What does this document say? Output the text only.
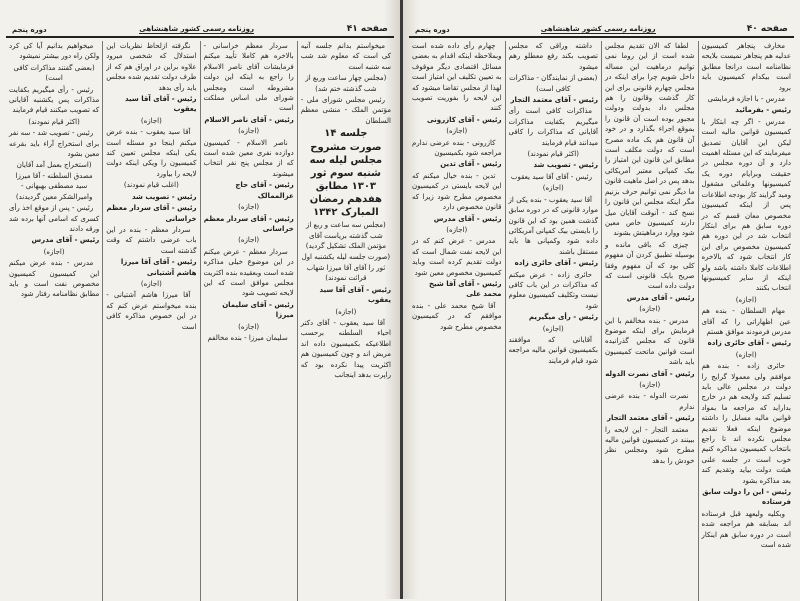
صفحه ۴۰
روزنامه رسمی کشور شاهنشاهی
دوره پنجم

مخارف پنجاهر کمیسیون عدلیه هم پنجاهر نمیست بلایحه نظامنامه است درانجا مطابق است بیکدام کمیسیون باید برود

مدرس - با اجازه فرمایشی

رئیس - بفرمائید

مدرس - اگر چه ابتکار با کمیسیون قوانین مالیه است لیکن این آقایان تصدیق میفرمایند که این مسئله اهمیت دارد و آن دوره مجلس در حقیقت وبرایام دوره یک کمیسیونها وعلمائی مشغول ومید گرایند کار بودجه اطلاعات پس از اینکه کمیسیون مخصوص معان قسم که در دوره سابق هم برای ابتکار انتخاب شد در این دوره هم کمیسیون مخصوص برای این کار انتخاب شود که بالاخره اطلاعات کاملا داشته باشد ولو اینکه از سایر کمیسیونها انتخاب بکنند

(اجازه)

مهام السلطان - بنده هم عین اظهاراتی را که آقای مدرس فرمودند موافق هستم

رئیس - آقای حائری زاده

(اجازه)

حائری زاده - بنده هم موافقم ولی معمولا گرایج را دولت در مجلس عالی باید تسلیم کند ولایحه هم در خارج بداراید که مراجعه ما بمواد قوانین مالیه مسایل را داشته موضوع اینکه فعلا تقدیم مجلس نکرده اند تا راجع بانتخاب کمیسیون مذاکره کنیم خوب است در جلسه علنی هیئت دولت بیاید وتقدیم کند بعد مذاکره بشود

رئیس - این را دولت سابق فرستاده

وبکلیه ولیعهد قبل فرستاده اند بسابقه هم مراجعه شده است در دوره سابق هم اینکار شده است

لطفا که الان تقدیم مجلس شده است از این روما نمی توانیم درماهیت این مساله داخل شویم چرا برای اینکه در مجلس چهارم قانونی برای این کار گذشت وقانون را هم مجلس داد بدولت ودولت مجبور بوده است آن قانون را بموقع اجراء بگذارد و در خود آن قانون هم یک ماده مصرح است که دولت مکلف است مطابق این قانون این امتیاز را بیک کمپانی معتبر آمریکائی بدهد پس در اصل ماهیت قانون ما دیگر نمی توانیم حرف بزنیم مگر اینکه مجلس این قانون را نسخ کند - آنوقت آقایان میل دارند کمیسیون خاص معین شود ووارد درماهیتش بشوند

چیزی که باقی مانده و بوسیله تطبیق کردن آن مفهوم کلی بود که آن مفهوم وفقا صریح بایک قانونی است که دولت داده است

رئیس - آقای مدرس

(اجازه)

مدرس - بنده مخالفم با این فرمایش برای اینکه موضوع قانون که مجلس گذرانیده است قوانین ماتحت کمیسیون باید باشد

رئیس - آقای نصرت الدوله

(اجازه)

نصرت الدوله - بنده عرضی ندارم

رئیس - آقای معتمد التجار

معتمد التجار - این لایحه را ببینند در کمیسیون قوانین مالیه مطرح شود ومجلس نظر خودش را بدهد

داشته وراقی که مجلس تصویب بکند رفع معطلو رهم میشود

(بعضی از نمایندگان - مذاکرات کافی است)

رئیس - آقای معتمد التجار

مذاکرات کافی است رأی میگیریم بکفایت مذاکرات آقایانی که مذاکرات را کافی میدانند قیام فرمایند

(اکثر قیام نمودند)

رئیس - تصویب شد

رئیس - آقای آقا سید یعقوب

(اجازه)

آقا سید یعقوب - بنده یکی از موارد قانونی که در دوره سابق گذشت همین بود که این قانون را بایستی بیک کمپانی آمریکائی داده شود وکمپانی ها باید مستقل باشند

رئیس - آقای حائری زاده

حائری زاده - عرض میکنم که مذاکرات در این باب کافی نیست وتکلیف کمیسیون معلوم شود

رئیس - رأی میگیریم

(اجازه)

آقایانی که موافقند بکمیسیون قوانین مالیه مراجعه شود قیام فرمایند

چهارم رأی داده شده است وبملاحظه اینکه اقدام به بعضی مسائل اقتصادی دیگر موقوف به تعیین تکلیف این امتیاز است لهذا از مجلس تقاضا میشود که این لایحه را بفوریت تصویب کنند

رئیس - آقای کازرونی

(اجازه)

کازرونی - بنده عرضی ندارم مراجعه شود بکمیسیون

رئیس - آقای تدین

تدین - بنده خیال میکنم که این لایحه بایستی در کمیسیون مخصوص مطرح شود زیرا که قانون مخصوص دارد

رئیس - آقای مدرس

(اجازه)

مدرس - عرض کنم که در این لایحه نفت شمال است که دولت تقدیم کرده است وباید کمیسیون مخصوص معین شود

رئیس - آقای آقا شیخ محمد علی

آقا شیخ محمد علی - بنده موافقم که در کمیسیون مخصوص مطرح شود

صفحه ۴۱
روزنامه رسمی کشور شاهنشاهی
دوره پنجم

میخواستم بدانم جلسه آتیه کی است که معلوم شد شب سه شنبه است

(مجلس چهار ساعت وربع از شب گذشته ختم شد)

رئیس مجلس شورای ملی - مؤتمن الملک - منشی معظم السلطان

جلسه ۱۴

صورت مشروح مجلس لیله سه شنبه سوم ثور ۱۳۰۳ مطابق هفدهم رمضان المبارک ۱۳۴۲

(مجلس سه ساعت و ربع از شب گذشته بریاست آقای مؤتمن الملک تشکیل گردید)

(صورت جلسه لیله یکشنبه اول ثور را آقای آقا میرزا شهاب قرائت نمودند)

رئیس - آقای آقا سید یعقوب

(اجازه)

آقا سید یعقوب - آقای دکتر احیاء السلطنه برحسب اطلاعیکه بکمیسیون داده اند مریض اند و چون کمیسیون هم اکثریت پیدا نکرده بود که راپرت بدهد اینجانب

سردار معظم خراسانی - بالاخره هم کاملا تأیید میکنم فرمایشات آقای ناصر الاسلام را راجع به اینکه این دولت مشروطه است ومجلس شورای ملی اساس مملکت است

رئیس - آقای ناصر الاسلام

(اجازه)

ناصر الاسلام - کمیسیون دوازده نفری معین شده است که از مجلس پنج نفر انتخاب میشوند

رئیس - آقای حاج عزالممالک

(اجازه)

رئیس - آقای سردار معظم خراسانی

(اجازه)

سردار معظم - عرض میکنم در این موضوع خیلی مذاکره شده است وبعقیده بنده اکثریت مجلس موافق است که این لایحه تصویب شود

رئیس - آقای سلیمان میرزا

(اجازه)

سلیمان میرزا - بنده مخالفم

نگرفته ازلحاظ نظریات این استدلال که شخصی میرود علاوه براین در اوراق هم که از طرف دولت تقدیم شده مجلس باید رأی بدهد

رئیس - آقای آقا سید یعقوب

(اجازه)

آقا سید یعقوب - بنده عرض میکنم اینجا دو مسئله است یکی اینکه مجلس تعیین کند کمیسیون را ویکی اینکه دولت لایحه را بیاورد

(اغلب قیام نمودند)

رئیس - تصویب شد

رئیس - آقای سردار معظم خراسانی

سردار معظم - بنده در این باب عرضی داشتم که وقت گذشته است

رئیس - آقای آقا میرزا هاشم آشتیانی

(اجازه)

آقا میرزا هاشم آشتیانی - بنده میخواستم عرض کنم که در این خصوص مذاکره کافی است

میخواهیم بدانیم آیا کی کرد ولکن راه دور بیشتر نمیشود

(بعضی گفتند مذاکرات کافی است)

رئیس - رأی میگیریم بکفایت مذاکرات پس یکشنبه آقایانی که تصویب میکنند قیام فرمایند

(اکثر قیام نمودند)

رئیس - تصویب شد - سه نفر برای استخراج آراء باید بقرعه معین بشود

(استخراج بعمل آمد آقایان مصدق السلطنه - آقا میرزا سید مصطفی بهبهانی - وامیرالشکر معین گردیدند)

رئیس - پس از موقع اخذ رأی کسری که اسامی آنها برده شد ورقه دادند

رئیس - آقای مدرس

(اجازه)

مدرس - بنده عرض میکنم این کمیسیون کمیسیون مخصوص نفت است و باید مطابق نظامنامه رفتار شود
